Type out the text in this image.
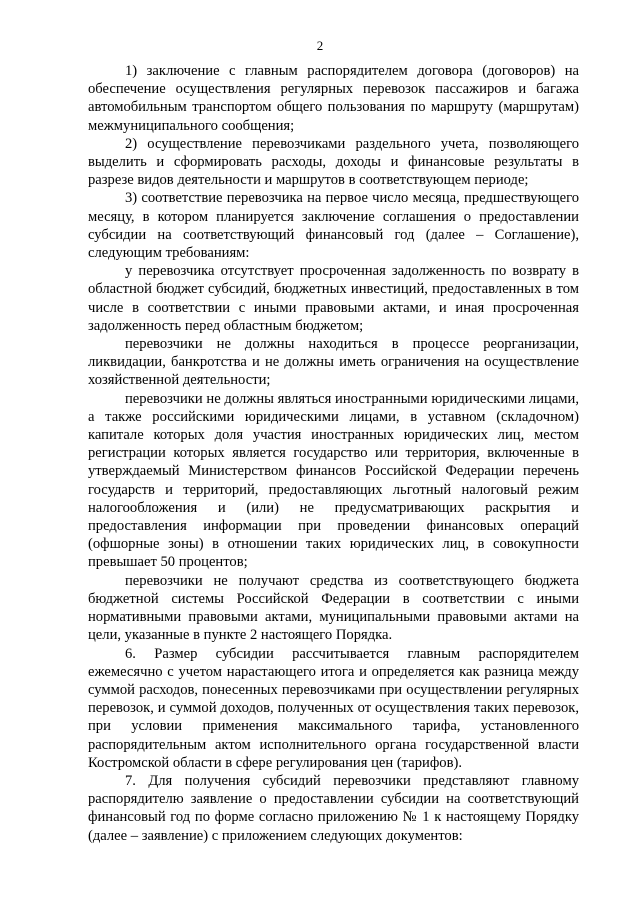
2

1) заключение с главным распорядителем договора (договоров) на обеспечение осуществления регулярных перевозок пассажиров и багажа автомобильным транспортом общего пользования по маршруту (маршрутам) межмуниципального сообщения;

2) осуществление перевозчиками раздельного учета, позволяющего выделить и сформировать расходы, доходы и финансовые результаты в разрезе видов деятельности и маршрутов в соответствующем периоде;

3) соответствие перевозчика на первое число месяца, предшествующего месяцу, в котором планируется заключение соглашения о предоставлении субсидии на соответствующий финансовый год (далее – Соглашение), следующим требованиям:

у перевозчика отсутствует просроченная задолженность по возврату в областной бюджет субсидий, бюджетных инвестиций, предоставленных в том числе в соответствии с иными правовыми актами, и иная просроченная задолженность перед областным бюджетом;

перевозчики не должны находиться в процессе реорганизации, ликвидации, банкротства и не должны иметь ограничения на осуществление хозяйственной деятельности;

перевозчики не должны являться иностранными юридическими лицами, а также российскими юридическими лицами, в уставном (складочном) капитале которых доля участия иностранных юридических лиц, местом регистрации которых является государство или территория, включенные в утверждаемый Министерством финансов Российской Федерации перечень государств и территорий, предоставляющих льготный налоговый режим налогообложения и (или) не предусматривающих раскрытия и предоставления информации при проведении финансовых операций (офшорные зоны) в отношении таких юридических лиц, в совокупности превышает 50 процентов;

перевозчики не получают средства из соответствующего бюджета бюджетной системы Российской Федерации в соответствии с иными нормативными правовыми актами, муниципальными правовыми актами на цели, указанные в пункте 2 настоящего Порядка.

6. Размер субсидии рассчитывается главным распорядителем ежемесячно с учетом нарастающего итога и определяется как разница между суммой расходов, понесенных перевозчиками при осуществлении регулярных перевозок, и суммой доходов, полученных от осуществления таких перевозок, при условии применения максимального тарифа, установленного распорядительным актом исполнительного органа государственной власти Костромской области в сфере регулирования цен (тарифов).

7. Для получения субсидий перевозчики представляют главному распорядителю заявление о предоставлении субсидии на соответствующий финансовый год по форме согласно приложению № 1 к настоящему Порядку (далее – заявление) с приложением следующих документов:
